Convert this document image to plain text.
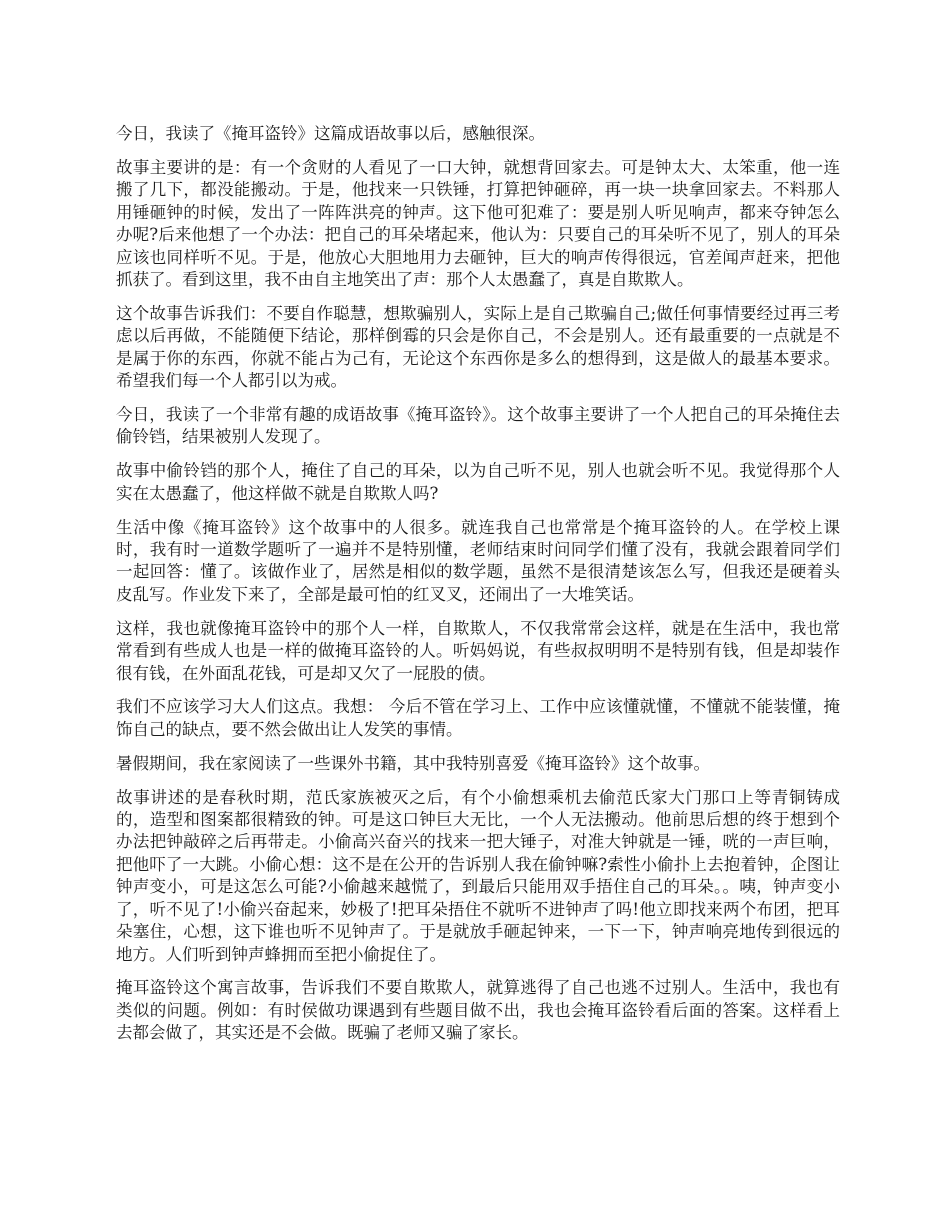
今日，我读了《掩耳盗铃》这篇成语故事以后，感触很深。

故事主要讲的是：有一个贪财的人看见了一口大钟，就想背回家去。可是钟太大、太笨重，他一连搬了几下，都没能搬动。于是，他找来一只铁锤，打算把钟砸碎，再一块一块拿回家去。不料那人用锤砸钟的时候，发出了一阵阵洪亮的钟声。这下他可犯难了：要是别人听见响声，都来夺钟怎么办呢?后来他想了一个办法：把自己的耳朵堵起来，他认为：只要自己的耳朵听不见了，别人的耳朵应该也同样听不见。于是，他放心大胆地用力去砸钟，巨大的响声传得很远，官差闻声赶来，把他抓获了。看到这里，我不由自主地笑出了声：那个人太愚蠢了，真是自欺欺人。

这个故事告诉我们：不要自作聪慧，想欺骗别人，实际上是自己欺骗自己;做任何事情要经过再三考虑以后再做，不能随便下结论，那样倒霉的只会是你自己，不会是别人。还有最重要的一点就是不是属于你的东西，你就不能占为己有，无论这个东西你是多么的想得到，这是做人的最基本要求。希望我们每一个人都引以为戒。

今日，我读了一个非常有趣的成语故事《掩耳盗铃》。这个故事主要讲了一个人把自己的耳朵掩住去偷铃铛，结果被别人发现了。

故事中偷铃铛的那个人，掩住了自己的耳朵，以为自己听不见，别人也就会听不见。我觉得那个人实在太愚蠢了，他这样做不就是自欺欺人吗?

生活中像《掩耳盗铃》这个故事中的人很多。就连我自己也常常是个掩耳盗铃的人。在学校上课时，我有时一道数学题听了一遍并不是特别懂，老师结束时问同学们懂了没有，我就会跟着同学们一起回答：懂了。该做作业了，居然是相似的数学题，虽然不是很清楚该怎么写，但我还是硬着头皮乱写。作业发下来了，全部是最可怕的红叉叉，还闹出了一大堆笑话。

这样，我也就像掩耳盗铃中的那个人一样，自欺欺人，不仅我常常会这样，就是在生活中，我也常常看到有些成人也是一样的做掩耳盗铃的人。听妈妈说，有些叔叔明明不是特别有钱，但是却装作很有钱，在外面乱花钱，可是却又欠了一屁股的债。

我们不应该学习大人们这点。我想： 今后不管在学习上、工作中应该懂就懂，不懂就不能装懂，掩饰自己的缺点，要不然会做出让人发笑的事情。

暑假期间，我在家阅读了一些课外书籍，其中我特别喜爱《掩耳盗铃》这个故事。

故事讲述的是春秋时期，范氏家族被灭之后，有个小偷想乘机去偷范氏家大门那口上等青铜铸成的，造型和图案都很精致的钟。可是这口钟巨大无比，一个人无法搬动。他前思后想的终于想到个办法把钟敲碎之后再带走。小偷高兴奋兴的找来一把大锤子，对准大钟就是一锤，咣的一声巨响，把他吓了一大跳。小偷心想：这不是在公开的告诉别人我在偷钟嘛?索性小偷扑上去抱着钟，企图让钟声变小，可是这怎么可能?小偷越来越慌了，到最后只能用双手捂住自己的耳朵。。咦，钟声变小了，听不见了!小偷兴奋起来，妙极了!把耳朵捂住不就听不进钟声了吗!他立即找来两个布团，把耳朵塞住，心想，这下谁也听不见钟声了。于是就放手砸起钟来，一下一下，钟声响亮地传到很远的地方。人们听到钟声蜂拥而至把小偷捉住了。

掩耳盗铃这个寓言故事，告诉我们不要自欺欺人，就算逃得了自己也逃不过别人。生活中，我也有类似的问题。例如：有时侯做功课遇到有些题目做不出，我也会掩耳盗铃看后面的答案。这样看上去都会做了，其实还是不会做。既骗了老师又骗了家长。
